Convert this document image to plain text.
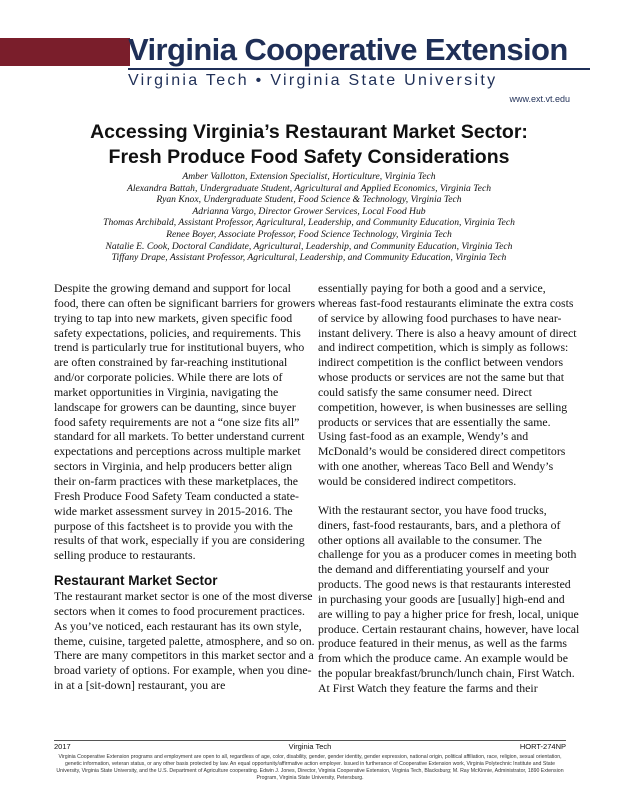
Virginia Cooperative Extension
Virginia Tech • Virginia State University
www.ext.vt.edu
Accessing Virginia’s Restaurant Market Sector:
Fresh Produce Food Safety Considerations
Amber Vallotton, Extension Specialist, Horticulture, Virginia Tech
Alexandra Battah, Undergraduate Student, Agricultural and Applied Economics, Virginia Tech
Ryan Knox, Undergraduate Student, Food Science & Technology, Virginia Tech
Adrianna Vargo, Director Grower Services, Local Food Hub
Thomas Archibald, Assistant Professor, Agricultural, Leadership, and Community Education, Virginia Tech
Renee Boyer, Associate Professor, Food Science Technology, Virginia Tech
Natalie E. Cook, Doctoral Candidate, Agricultural, Leadership, and Community Education, Virginia Tech
Tiffany Drape, Assistant Professor, Agricultural, Leadership, and Community Education, Virginia Tech

Despite the growing demand and support for local food, there can often be significant barriers for growers trying to tap into new markets, given specific food safety expectations, policies, and requirements. This trend is particularly true for institutional buyers, who are often constrained by far-reaching institutional and/or corporate policies. While there are lots of market opportunities in Virginia, navigating the landscape for growers can be daunting, since buyer food safety requirements are not a “one size fits all” standard for all markets. To better understand current expectations and perceptions across multiple market sectors in Virginia, and help producers better align their on-farm practices with these marketplaces, the Fresh Produce Food Safety Team conducted a state-wide market assessment survey in 2015-2016. The purpose of this factsheet is to provide you with the results of that work, especially if you are considering selling produce to restaurants.

Restaurant Market Sector

The restaurant market sector is one of the most diverse sectors when it comes to food procurement practices. As you’ve noticed, each restaurant has its own style, theme, cuisine, targeted palette, atmosphere, and so on. There are many competitors in this market sector and a broad variety of options. For example, when you dine-in at a [sit-down] restaurant, you are

essentially paying for both a good and a service, whereas fast-food restaurants eliminate the extra costs of service by allowing food purchases to have near-instant delivery. There is also a heavy amount of direct and indirect competition, which is simply as follows: indirect competition is the conflict between vendors whose products or services are not the same but that could satisfy the same consumer need. Direct competition, however, is when businesses are selling products or services that are essentially the same. Using fast-food as an example, Wendy’s and McDonald’s would be considered direct competitors with one another, whereas Taco Bell and Wendy’s would be considered indirect competitors.

With the restaurant sector, you have food trucks, diners, fast-food restaurants, bars, and a plethora of other options all available to the consumer. The challenge for you as a producer comes in meeting both the demand and differentiating yourself and your products. The good news is that restaurants interested in purchasing your goods are [usually] high-end and are willing to pay a higher price for fresh, local, unique produce. Certain restaurant chains, however, have local produce featured in their menus, as well as the farms from which the produce came. An example would be the popular breakfast/brunch/lunch chain, First Watch. At First Watch they feature the farms and their

Virginia Tech
2017	HORT-274NP
Virginia Cooperative Extension programs and employment are open to all, regardless of age, color, disability, gender, gender identity, gender expression, national origin, political affiliation, race, religion, sexual orientation, genetic information, veteran status, or any other basis protected by law. An equal opportunity/affirmative action employer. Issued in furtherance of Cooperative Extension work, Virginia Polytechnic Institute and State University, Virginia State University, and the U.S. Department of Agriculture cooperating. Edwin J. Jones, Director, Virginia Cooperative Extension, Virginia Tech, Blacksburg; M. Ray McKinnie, Administrator, 1890 Extension Program, Virginia State University, Petersburg.
